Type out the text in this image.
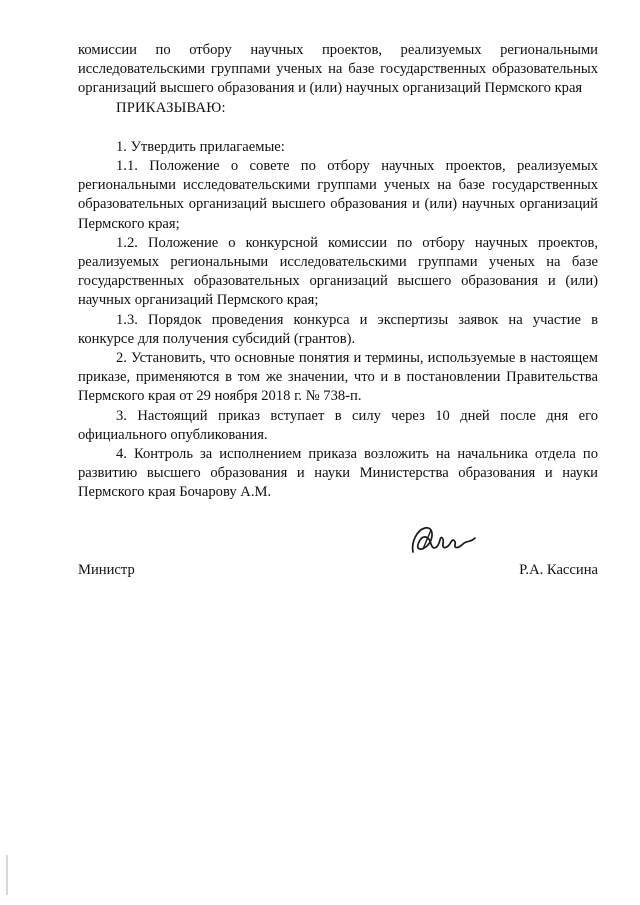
комиссии по отбору научных проектов, реализуемых региональными исследовательскими группами ученых на базе государственных образовательных организаций высшего образования и (или) научных организаций Пермского края

ПРИКАЗЫВАЮ:

1. Утвердить прилагаемые:

1.1. Положение о совете по отбору научных проектов, реализуемых региональными исследовательскими группами ученых на базе государственных образовательных организаций высшего образования и (или) научных организаций Пермского края;

1.2. Положение о конкурсной комиссии по отбору научных проектов, реализуемых региональными исследовательскими группами ученых на базе государственных образовательных организаций высшего образования и (или) научных организаций Пермского края;

1.3. Порядок проведения конкурса и экспертизы заявок на участие в конкурсе для получения субсидий (грантов).

2. Установить, что основные понятия и термины, используемые в настоящем приказе, применяются в том же значении, что и в постановлении Правительства Пермского края от 29 ноября 2018 г. № 738-п.

3. Настоящий приказ вступает в силу через 10 дней после дня его официального опубликования.

4. Контроль за исполнением приказа возложить на начальника отдела по развитию высшего образования и науки Министерства образования и науки Пермского края Бочарову А.М.

Министр	Р.А. Кассина
